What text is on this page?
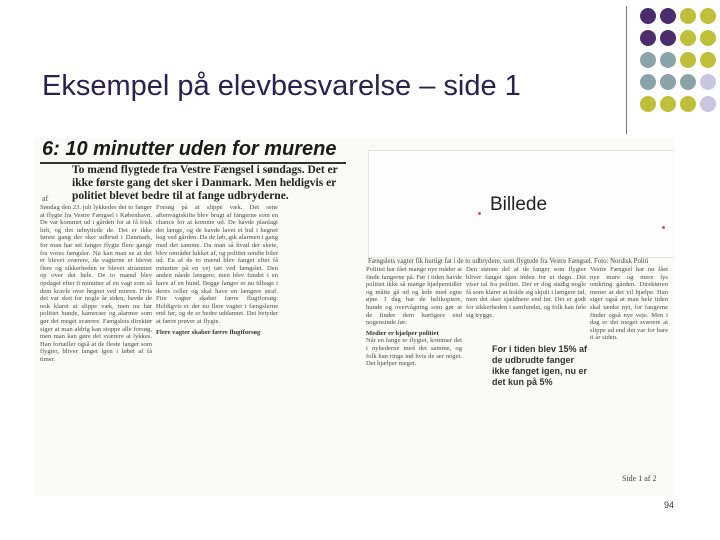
Eksempel på elevbesvarelse – side 1
6: 10 minutter uden for murene
To mænd flygtede fra Vestre Fængsel i søndags. Det er ikke første gang det sker i Danmark. Men heldigvis er politiet blevet bedre til at fange udbryderne.
af
Søndag den 23. juli lykkedes det to fanger at flygte fra Vestre Fængsel i København. De var kommet ud i gården for at få frisk luft, og det udnyttede de. Det er ikke første gang der sker udbrud i Danmark, for man har set fanger flygte flere gange fra vores fængsler. Nu kan man se at det er blevet sværere, da vagterne er blevet flere og sikkerheden er blevet strammet op over det hele. De to mænd blev opdaget efter ti minutter af en vagt som så dem kravle over hegnet ved muren. Hvis det var sket for nogle år siden, havde de nok klaret at slippe væk, men nu har politiet hunde, kameraer og alarmer som gør det meget sværere. Fængslets direktør siger at man aldrig kan stoppe alle forsøg, men man kan gøre det sværere at lykkes. Han fortæller også at de fleste fanger som flygter, bliver fanget igen i løbet af få timer.
Forsøg på at slippe væk. Det sene aftenvagtskifte blev brugt af fangerne som en chance for at komme ud. De havde planlagt det længe, og de havde lavet et hul i hegnet bag ved gården. Da de løb, gik alarmen i gang med det samme. Da man så hvad der skete, blev området lukket af, og politiet sendte biler ud. En af de to mænd blev fanget efter få minutter på en vej tæt ved fængslet. Den anden nåede længere, men blev fundet i en have af en hund. Begge fanger er nu tilbage i deres celler og skal have en længere straf. Fire vagter skaber færre flugtforsøg: Heldigvis er der nu flere vagter i fængslerne end før, og de er bedre uddannet. Det betyder at færre prøver at flygte.
Flere vagter skaber færre flugtforsøg
Billede
Fængslets vagter fik hurtigt fat i de to udbrydere, som flygtede fra Vestre Fængsel. Foto: Nordisk Politi
Politiet har fået mange nye måder at finde fangerne på. Før i tiden havde politiet ikke så mange hjælpemidler og måtte gå ud og lede med egne øjne. I dag har de helikoptere, hunde og overvågning som gør at de finder dem hurtigere end nogensinde før.
Medier er hjælper politiet
Når en fange er flygtet, kommer det i nyhederne med det samme, og folk kan ringe ind hvis de ser noget. Det hjælper meget.
Den største del af de fanger som flygter bliver fanget igen inden for et døgn. Det viser tal fra politiet. Der er dog stadig nogle få som klarer at holde sig skjult i længere tid, men det sker sjældnere end før. Det er godt for sikkerheden i samfundet, og folk kan føle sig trygge.
For i tiden blev 15% af de udbrudte fanger ikke fanget igen, nu er det kun på 5%
Vestre Fængsel har nu fået nye mure og mere lys omkring gården. Direktøren mener at det vil hjælpe. Han siger også at man hele tiden skal tænke nyt, for fangerne finder også nye veje. Men i dag er det meget sværere at slippe ud end det var for bare ti år siden.
Side 1 af 2
94
